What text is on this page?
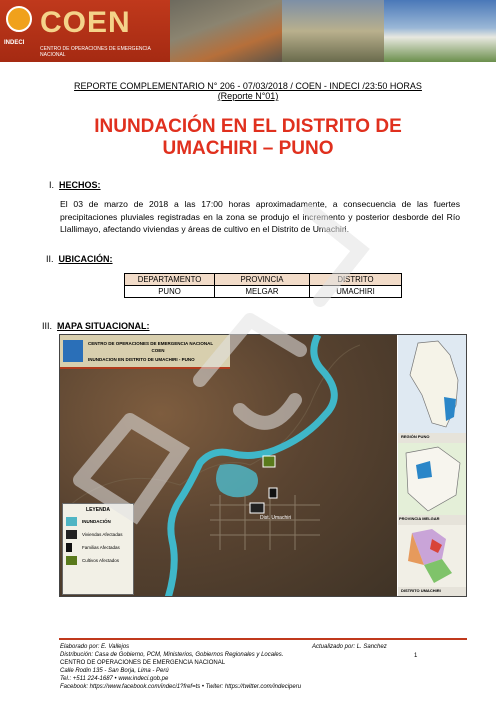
INDECI
COEN
CENTRO DE OPERACIONES DE EMERGENCIA NACIONAL
REPORTE COMPLEMENTARIO N° 206 - 07/03/2018 / COEN - INDECI /23:50 HORAS
(Reporte N°01)
INUNDACIÓN EN EL DISTRITO DE
UMACHIRI – PUNO
I. HECHOS:
El 03 de marzo de 2018 a las 17:00 horas aproximadamente, a consecuencia de las fuertes precipitaciones pluviales registradas en la zona se produjo el incremento y posterior desborde del Río Llallimayo, afectando viviendas y áreas de cultivo en el Distrito de Umachiri.
II. UBICACIÓN:
DEPARTAMENTO	PROVINCIA	DISTRITO
PUNO	MELGAR	UMACHIRI
III. MAPA SITUACIONAL:
CENTRO DE OPERACIONES DE EMERGENCIA NACIONAL
COEN
INUNDACION EN DISTRITO DE UMACHIRI - PUNO
Dist. Umachiri
LEYENDA
INUNDACIÓN
Viviendas Afectadas
Familias Afectadas
Cultivos Afectados
REGIÓN PUNO
PROVINCIA MELGAR
DISTRITO UMACHIRI
Elaborado por: E. Vallejos	Actualizado por: L. Sanchez
1
Distribución: Casa de Gobierno, PCM, Ministerios, Gobiernos Regionales y Locales.
CENTRO DE OPERACIONES DE EMERGENCIA NACIONAL
Calle Rodin 135 - San Borja, Lima - Perú
Tel.: +511 224-1687 • www.indeci.gob.pe
Facebook: https://www.facebook.com/indeci1?fref=ts • Twiter: https://twitter.com/indeciperu
